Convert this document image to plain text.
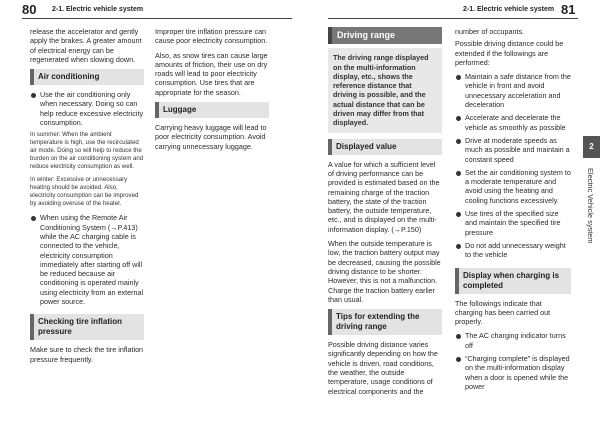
80 2-1. Electric vehicle system	2-1. Electric vehicle system 81

release the accelerator and gently apply the brakes. A greater amount of electrical energy can be regenerated when slowing down.

Air conditioning
Use the air conditioning only when necessary. Doing so can help reduce excessive electricity consumption.

In summer: When the ambient temperature is high, use the recirculated air mode. Doing so will help to reduce the burden on the air conditioning system and reduce electricity consumption as well.

In winter: Excessive or unnecessary heating should be avoided. Also, electricity consumption can be improved by avoiding overuse of the heater.

When using the Remote Air Conditioning System (→P.413) while the AC charging cable is connected to the vehicle, electricity consumption immediately after starting off will be reduced because air conditioning is operated mainly using electricity from an external power source.
Checking tire inflation pressure

Make sure to check the tire inflation pressure frequently.

Improper tire inflation pressure can cause poor electricity consumption.

Also, as snow tires can cause large amounts of friction, their use on dry roads will lead to poor electricity consumption. Use tires that are appropriate for the season.

Luggage

Carrying heavy luggage will lead to poor electricity consumption. Avoid carrying unnecessary luggage.

Driving range
The driving range displayed on the multi-information display, etc., shows the reference distance that driving is possible, and the actual distance that can be driven may differ from that displayed.
Displayed value

A value for which a sufficient level of driving performance can be provided is estimated based on the remaining charge of the traction battery, the state of the traction battery, the outside temperature, etc., and is displayed on the multi-information display. (→P.150)

When the outside temperature is low, the traction battery output may be decreased, causing the possible driving distance to be shorter. However, this is not a malfunction. Charge the traction battery earlier than usual.

Tips for extending the driving range

Possible driving distance varies significantly depending on how the vehicle is driven, road conditions, the weather, the outside temperature, usage conditions of electrical components and the

number of occupants.

Possible driving distance could be extended if the followings are performed:

Maintain a safe distance from the vehicle in front and avoid unnecessary acceleration and deceleration
Accelerate and decelerate the vehicle as smoothly as possible
Drive at moderate speeds as much as possible and maintain a constant speed
Set the air conditioning system to a moderate temperature and avoid using the heating and cooling functions excessively.
Use tires of the specified size and maintain the specified tire pressure
Do not add unnecessary weight to the vehicle
Display when charging is completed

The followings indicate that charging has been carried out properly.

The AC charging indicator turns off
“Charging complete” is displayed on the multi-information display when a door is opened while the power
2
Electric Vehicle system
